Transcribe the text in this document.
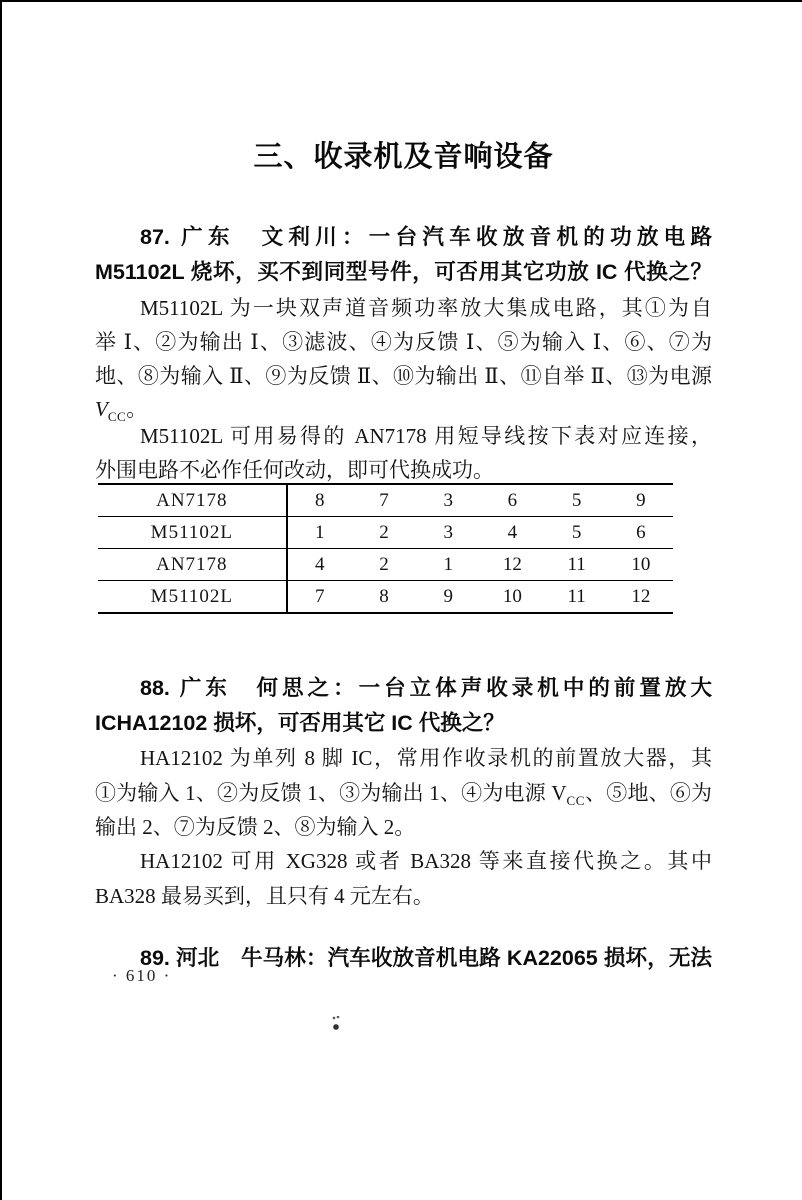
三、收录机及音响设备
87. 广东　文利川：一台汽车收放音机的功放电路
M51102L 烧坏，买不到同型号件，可否用其它功放 IC 代换之？
M51102L 为一块双声道音频功率放大集成电路，其①为自
举 Ⅰ、②为输出 Ⅰ、③滤波、④为反馈 Ⅰ、⑤为输入 Ⅰ、⑥、⑦为
地、⑧为输入 Ⅱ、⑨为反馈 Ⅱ、⑩为输出 Ⅱ、⑪自举 Ⅱ、⑬为电源
$V_{CC}$。
M51102L 可用易得的 AN7178 用短导线按下表对应连接，
外围电路不必作任何改动，即可代换成功。
AN7178	8	7	3	6	5	9
M51102L	1	2	3	4	5	6
AN7178	4	2	1	12	11	10
M51102L	7	8	9	10	11	12
88. 广东　何思之：一台立体声收录机中的前置放大
ICHA12102 损坏，可否用其它 IC 代换之？
HA12102 为单列 8 脚 IC，常用作收录机的前置放大器，其
①为输入 1、②为反馈 1、③为输出 1、④为电源 $V_{CC}$、⑤地、⑥为
输出 2、⑦为反馈 2、⑧为输入 2。
HA12102 可用 XG328 或者 BA328 等来直接代换之。其中
BA328 最易买到，且只有 4 元左右。
89. 河北　牛马林：汽车收放音机电路 KA22065 损坏，无法
· 610 ·
